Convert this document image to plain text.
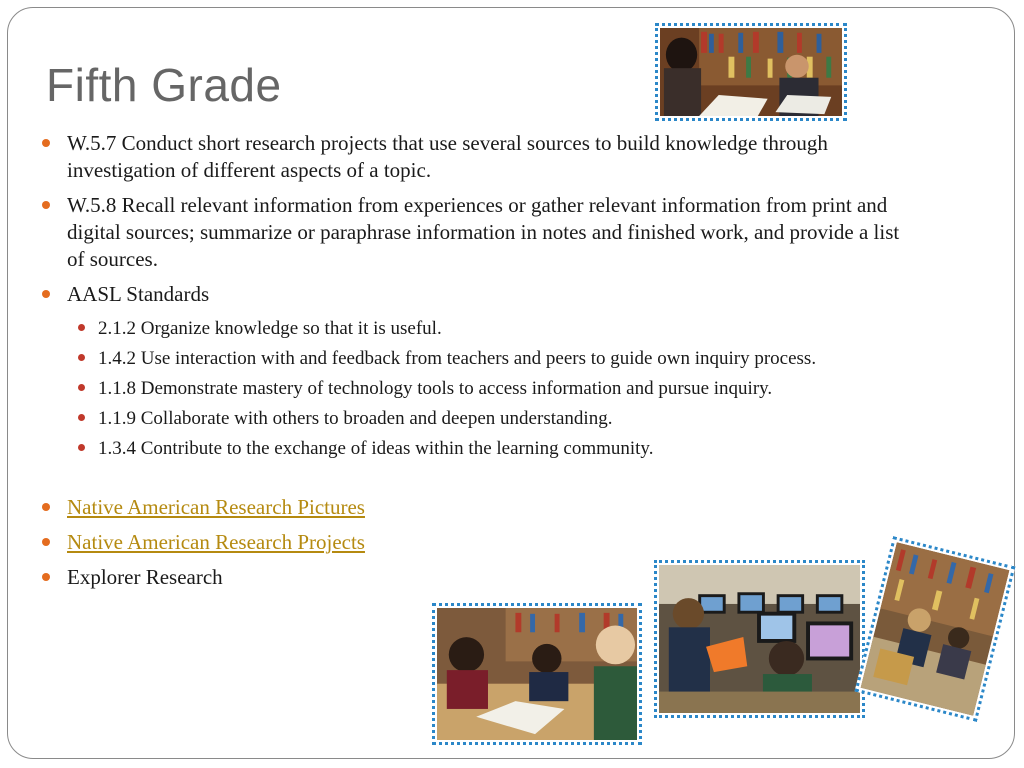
Fifth Grade
W.5.7 Conduct short research projects that use several sources to build knowledge through investigation of different aspects of a topic.
W.5.8 Recall relevant information from experiences or gather relevant information from print and digital sources; summarize or paraphrase information in notes and finished work, and provide a list of sources.
AASL Standards
2.1.2 Organize knowledge so that it is useful.
1.4.2 Use interaction with and feedback from teachers and peers to guide own inquiry process.
1.1.8 Demonstrate mastery of technology tools to access information and pursue inquiry.
1.1.9 Collaborate with others to broaden and deepen understanding.
1.3.4 Contribute to the exchange of ideas within the learning community.
Native American Research Pictures
Native American Research Projects
Explorer Research
